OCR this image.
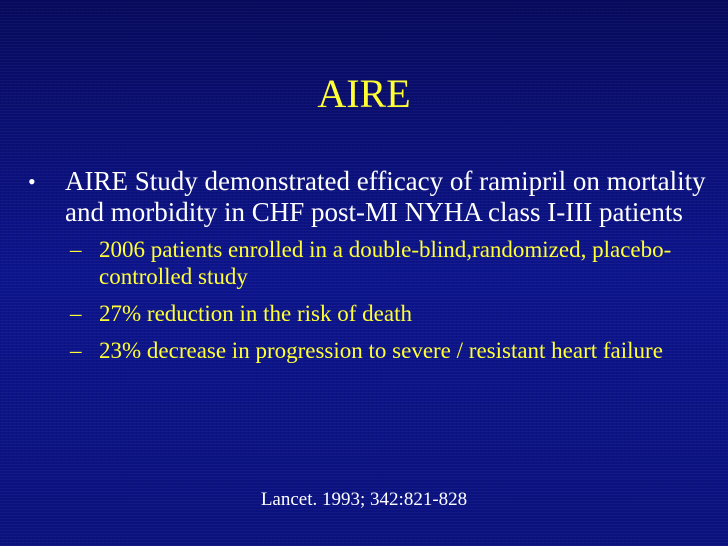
AIRE
• AIRE Study demonstrated efficacy of ramipril on mortality and morbidity in CHF post-MI NYHA class I-III patients
– 2006 patients enrolled in a double-blind,randomized, placebo-controlled study
– 27% reduction in the risk of death
– 23% decrease in progression to severe / resistant heart failure
Lancet. 1993; 342:821-828
